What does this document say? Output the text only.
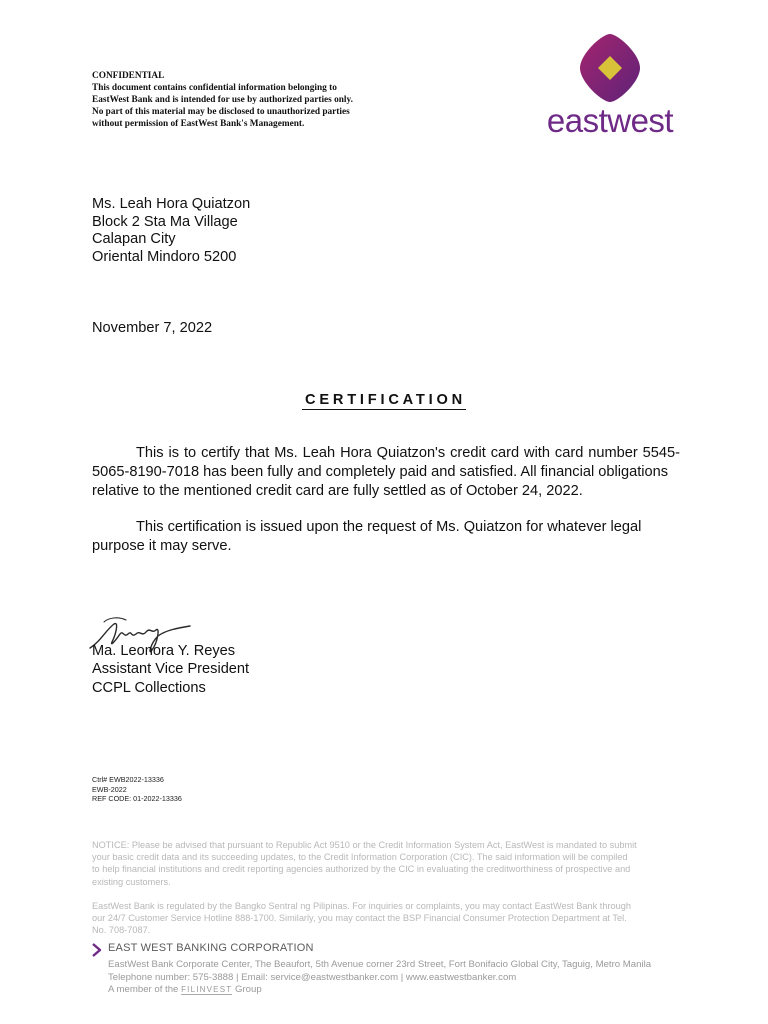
CONFIDENTIAL
This document contains confidential information belonging to
EastWest Bank and is intended for use by authorized parties only.
No part of this material may be disclosed to unauthorized parties
without permission of EastWest Bank's Management.	eastwest
Ms. Leah Hora Quiatzon
Block 2 Sta Ma Village
Calapan City
Oriental Mindoro 5200
November 7, 2022
CERTIFICATION
This is to certify that Ms. Leah Hora Quiatzon's credit card with card number 5545-
5065-8190-7018 has been fully and completely paid and satisfied. All financial obligations
relative to the mentioned credit card are fully settled as of October 24, 2022.
This certification is issued upon the request of Ms. Quiatzon for whatever legal
purpose it may serve.
Ma. Leonora Y. Reyes
Assistant Vice President
CCPL Collections
Ctrl# EWB2022-13336
EWB-2022
REF CODE: 01-2022-13336
NOTICE: Please be advised that pursuant to Republic Act 9510 or the Credit Information System Act, EastWest is mandated to submit
your basic credit data and its succeeding updates, to the Credit Information Corporation (CIC). The said information will be compiled
to help financial institutions and credit reporting agencies authorized by the CIC in evaluating the creditworthiness of prospective and
existing customers.
EastWest Bank is regulated by the Bangko Sentral ng Pilipinas. For inquiries or complaints, you may contact EastWest Bank through
our 24/7 Customer Service Hotline 888-1700. Similarly, you may contact the BSP Financial Consumer Protection Department at Tel.
No. 708-7087.
EAST WEST BANKING CORPORATION
EastWest Bank Corporate Center, The Beaufort, 5th Avenue corner 23rd Street, Fort Bonifacio Global City, Taguig, Metro Manila
Telephone number: 575-3888 | Email: service@eastwestbanker.com | www.eastwestbanker.com
A member of the FILINVEST Group
